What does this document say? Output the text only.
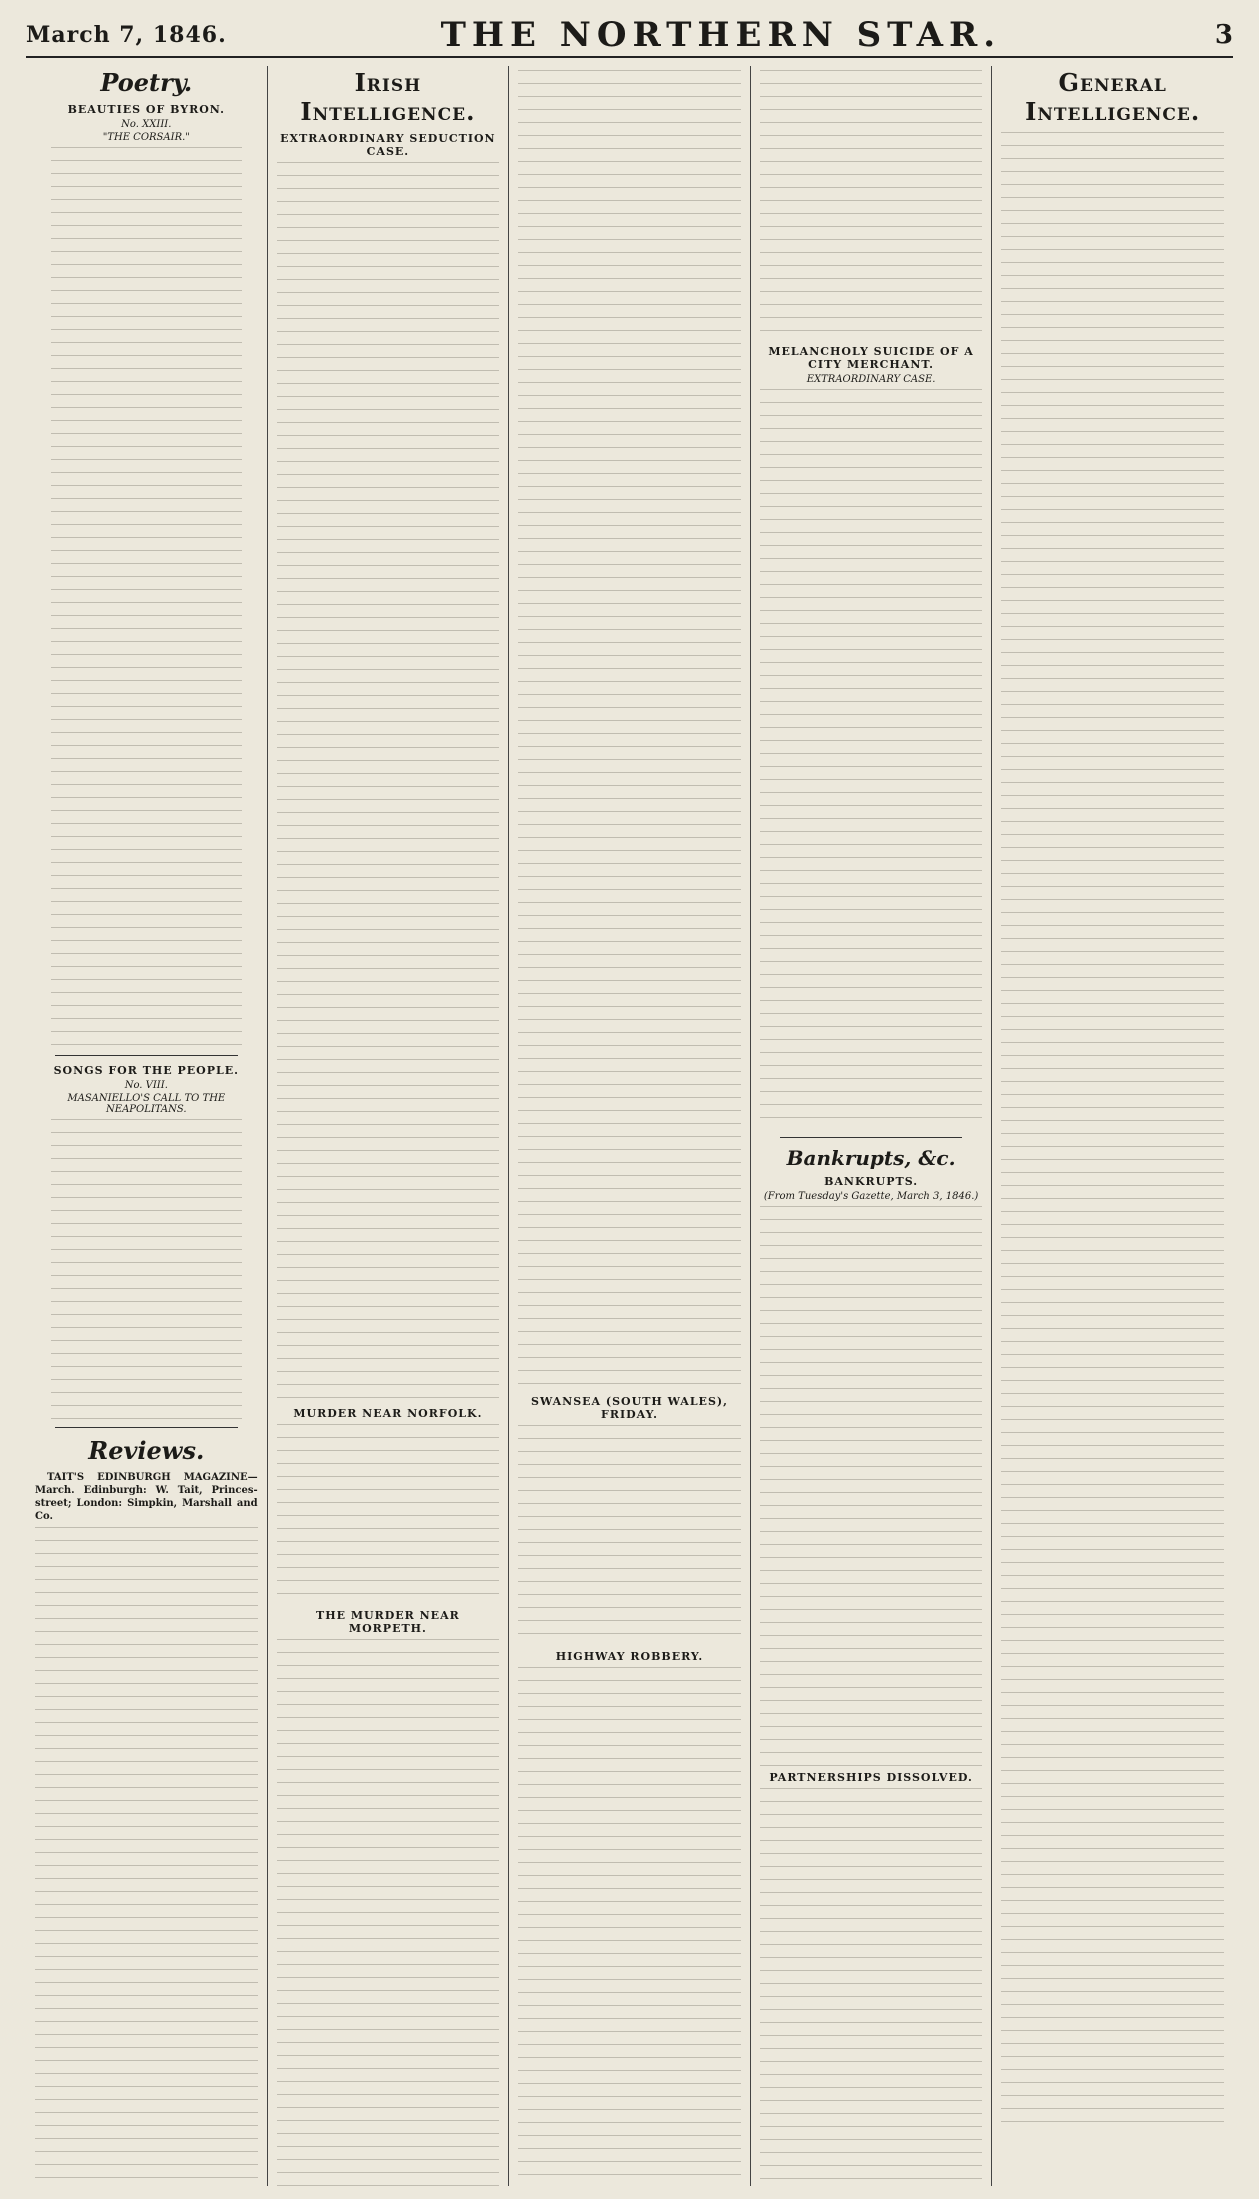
March 7, 1846.	THE NORTHERN STAR.	3
Poetry.
BEAUTIES OF BYRON.
No. XXIII.
"THE CORSAIR."
SONGS FOR THE PEOPLE.
No. VIII.
MASANIELLO'S CALL TO THE NEAPOLITANS.
Reviews.
TAIT'S EDINBURGH MAGAZINE—March. Edinburgh: W. Tait, Princes-street; London: Simpkin, Marshall and Co.
Irish Intelligence.
EXTRAORDINARY SEDUCTION CASE.
MURDER NEAR NORFOLK.
THE MURDER NEAR MORPETH.
SWANSEA (SOUTH WALES), FRIDAY.
HIGHWAY ROBBERY.
MELANCHOLY SUICIDE OF A CITY MERCHANT.
EXTRAORDINARY CASE.
Bankrupts, &c.
BANKRUPTS.
(From Tuesday's Gazette, March 3, 1846.)
PARTNERSHIPS DISSOLVED.
General Intelligence.
